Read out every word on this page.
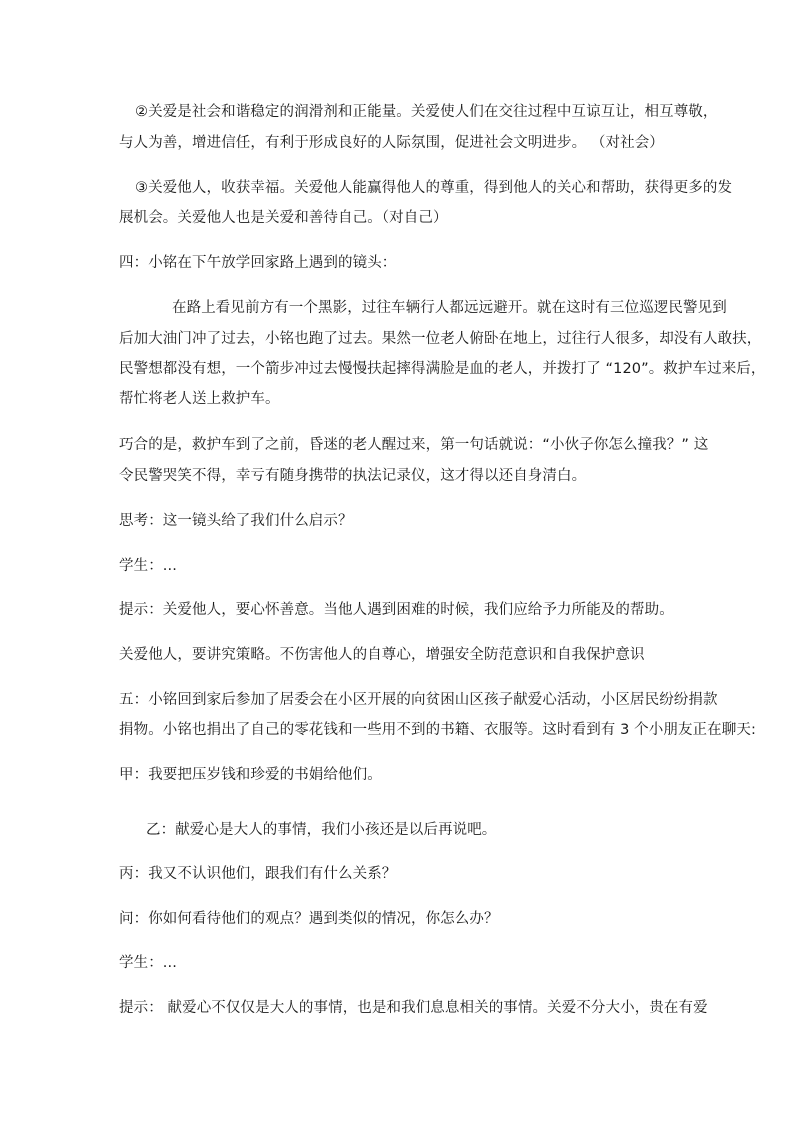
②关爱是社会和谐稳定的润滑剂和正能量。关爱使人们在交往过程中互谅互让，相互尊敬，
与人为善，增进信任，有利于形成良好的人际氛围，促进社会文明进步。 （对社会）
③关爱他人，收获幸福。关爱他人能赢得他人的尊重，得到他人的关心和帮助，获得更多的发
展机会。关爱他人也是关爱和善待自己。（对自己）
四：小铭在下午放学回家路上遇到的镜头：
在路上看见前方有一个黑影，过往车辆行人都远远避开。就在这时有三位巡逻民警见到
后加大油门冲了过去，小铭也跑了过去。果然一位老人俯卧在地上，过往行人很多，却没有人敢扶，
民警想都没有想，一个箭步冲过去慢慢扶起摔得满脸是血的老人，并拨打了 “120”。救护车过来后，
帮忙将老人送上救护车。
巧合的是，救护车到了之前，昏迷的老人醒过来，第一句话就说：“小伙子你怎么撞我？” 这
令民警哭笑不得，幸亏有随身携带的执法记录仪，这才得以还自身清白。
思考：这一镜头给了我们什么启示？
学生：...
提示：关爱他人，要心怀善意。当他人遇到困难的时候，我们应给予力所能及的帮助。
关爱他人，要讲究策略。不伤害他人的自尊心，增强安全防范意识和自我保护意识
五：小铭回到家后参加了居委会在小区开展的向贫困山区孩子献爱心活动，小区居民纷纷捐款
捐物。小铭也捐出了自己的零花钱和一些用不到的书籍、衣服等。这时看到有 3 个小朋友正在聊天:
甲：我要把压岁钱和珍爱的书娟给他们。
乙：献爱心是大人的事情，我们小孩还是以后再说吧。
丙：我又不认识他们，跟我们有什么关系？
问：你如何看待他们的观点？遇到类似的情况，你怎么办？
学生：...
提示： 献爱心不仅仅是大人的事情，也是和我们息息相关的事情。关爱不分大小，贵在有爱
